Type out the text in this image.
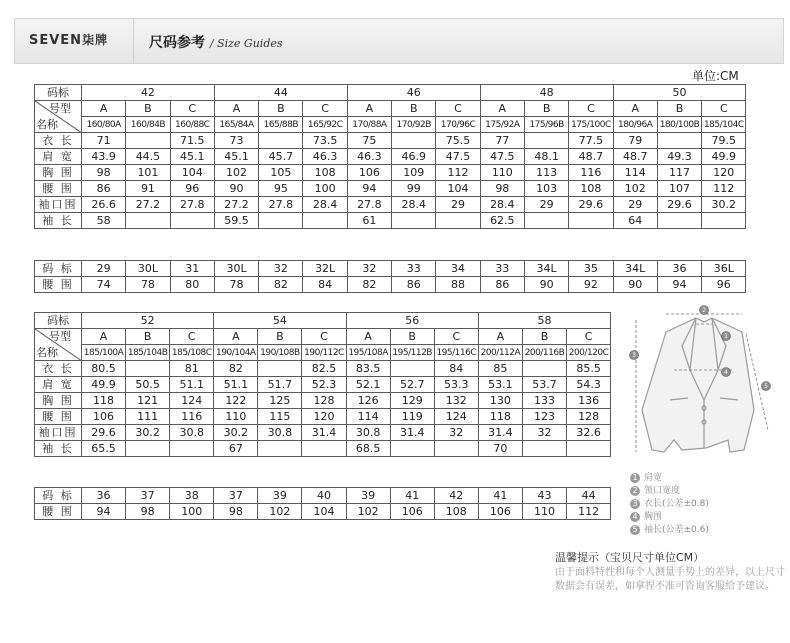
SEVEN柒牌	尺码参考 / Size Guides
单位:CM
码标	42			44			46			48			50		

号型
名称	A	B	C	A	B	C	A	B	C	A	B	C	A	B	C
	160/80A	160/84B	160/88C	165/84A	165/88B	165/92C	170/88A	170/92B	170/96C	175/92A	175/96B	175/100C	180/96A	180/100B	185/104C
衣 长	71		71.5	73		73.5	75		75.5	77		77.5	79		79.5
肩 宽	43.9	44.5	45.1	45.1	45.7	46.3	46.3	46.9	47.5	47.5	48.1	48.7	48.7	49.3	49.9
胸 围	98	101	104	102	105	108	106	109	112	110	113	116	114	117	120
腰 围	86	91	96	90	95	100	94	99	104	98	103	108	102	107	112
袖口围	26.6	27.2	27.8	27.2	27.8	28.4	27.8	28.4	29	28.4	29	29.6	29	29.6	30.2
袖 长	58			59.5			61			62.5			64		
码 标	29	30L	31	30L	32	32L	32	33	34	33	34L	35	34L	36	36L
腰 围	74	78	80	78	82	84	82	86	88	86	90	92	90	94	96
码标	52			54			56			58		

号型
名称	A	B	C	A	B	C	A	B	C	A	B	C
	185/100A	185/104B	185/108C	190/104A	190/108B	190/112C	195/108A	195/112B	195/116C	200/112A	200/116B	200/120C
衣 长	80.5		81	82		82.5	83.5		84	85		85.5
肩 宽	49.9	50.5	51.1	51.1	51.7	52.3	52.1	52.7	53.3	53.1	53.7	54.3
胸 围	118	121	124	122	125	128	126	129	132	130	133	136
腰 围	106	111	116	110	115	120	114	119	124	118	123	128
袖口围	29.6	30.2	30.8	30.2	30.8	31.4	30.8	31.4	32	31.4	32	32.6
袖 长	65.5			67			68.5			70		
码 标	36	37	38	37	39	40	39	41	42	41	43	44
腰 围	94	98	100	98	102	104	102	106	108	106	110	112
2
1
3
4
5
1 肩宽
2 领口宽度
3 衣长(公差±0.8)
4 胸围
5 袖长(公差±0.6)
温馨提示（宝贝尺寸单位CM）
由于面料特性和每个人测量手势上的差异，以上尺寸数据会有误差，如拿捏不准可咨询客服给予建议。
